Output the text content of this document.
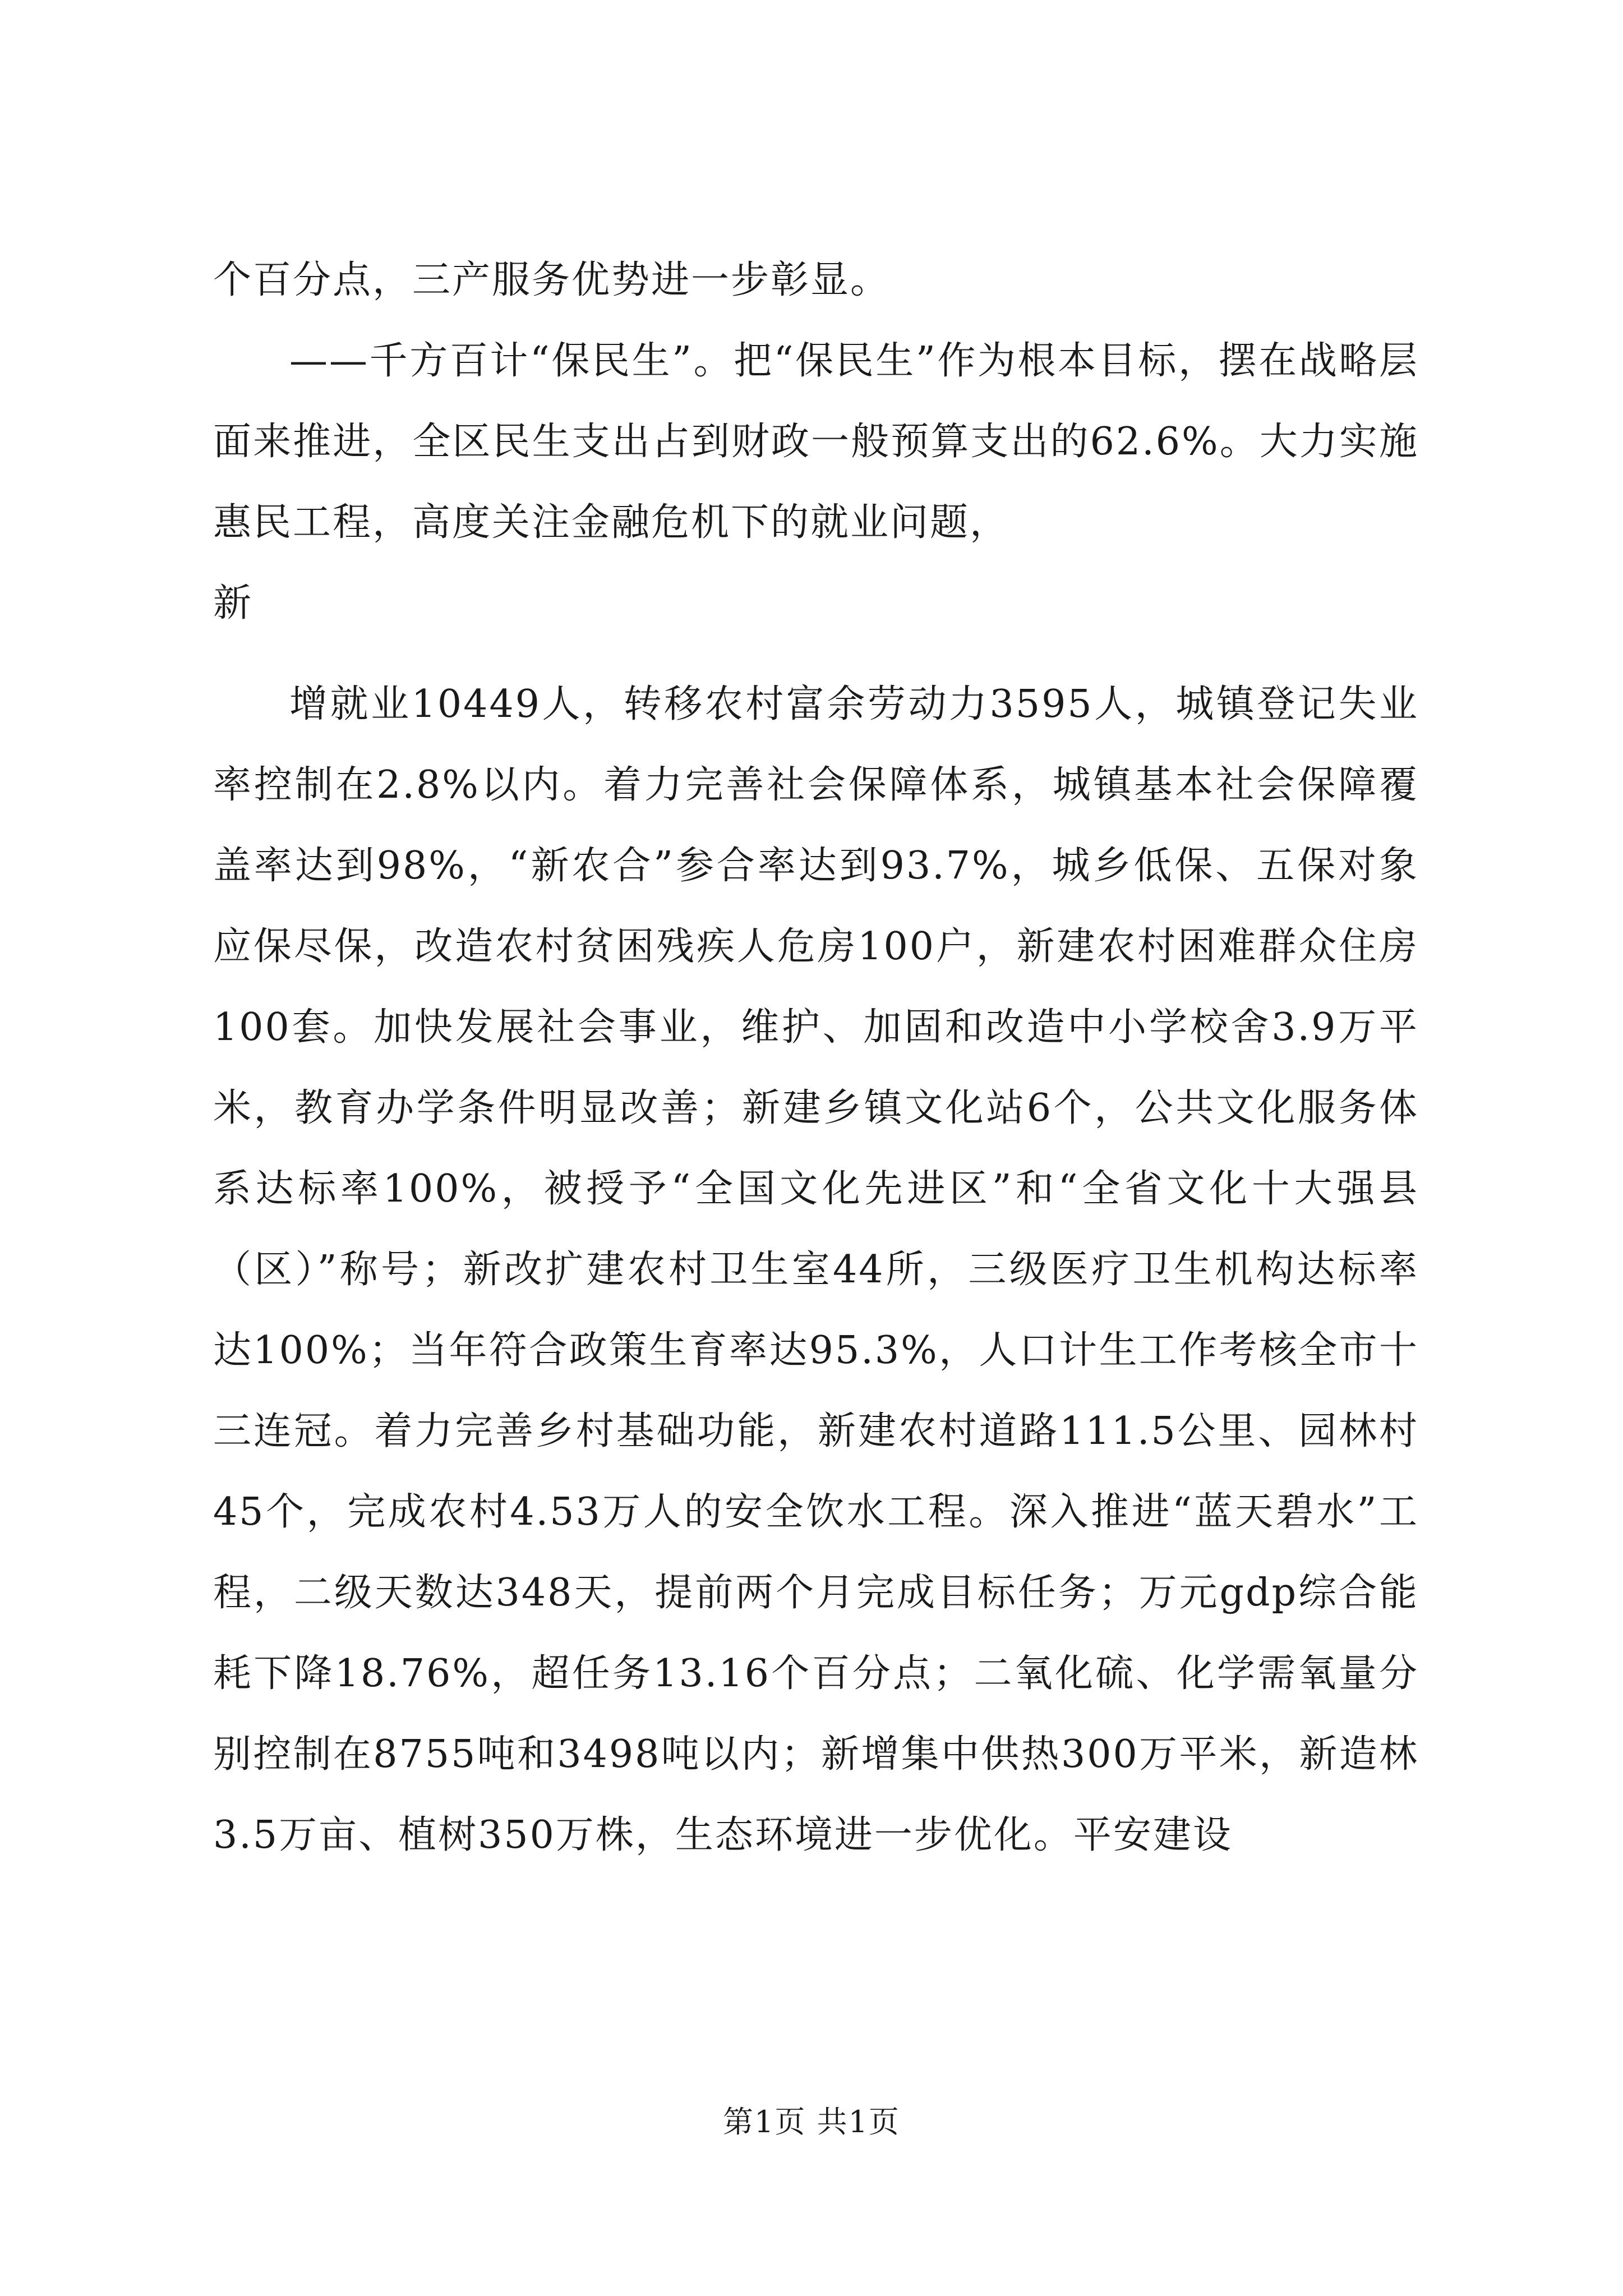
个百分点，三产服务优势进一步彰显。

——千方百计“保民生”。把“保民生”作为根本目标，摆在战略层面来推进，全区民生支出占到财政一般预算支出的62.6%。大力实施惠民工程，高度关注金融危机下的就业问题，

新

增就业10449人，转移农村富余劳动力3595人，城镇登记失业率控制在2.8%以内。着力完善社会保障体系，城镇基本社会保障覆盖率达到98%，“新农合”参合率达到93.7%，城乡低保、五保对象应保尽保，改造农村贫困残疾人危房100户，新建农村困难群众住房100套。加快发展社会事业，维护、加固和改造中小学校舍3.9万平米，教育办学条件明显改善；新建乡镇文化站6个，公共文化服务体系达标率100%，被授予“全国文化先进区”和“全省文化十大强县（区）”称号；新改扩建农村卫生室44所，三级医疗卫生机构达标率达100%；当年符合政策生育率达95.3%，人口计生工作考核全市十三连冠。着力完善乡村基础功能，新建农村道路111.5公里、园林村45个，完成农村4.53万人的安全饮水工程。深入推进“蓝天碧水”工程，二级天数达348天，提前两个月完成目标任务；万元gdp综合能耗下降18.76%，超任务13.16个百分点；二氧化硫、化学需氧量分别控制在8755吨和3498吨以内；新增集中供热300万平米，新造林3.5万亩、植树350万株，生态环境进一步优化。平安建设

第1页 共1页
